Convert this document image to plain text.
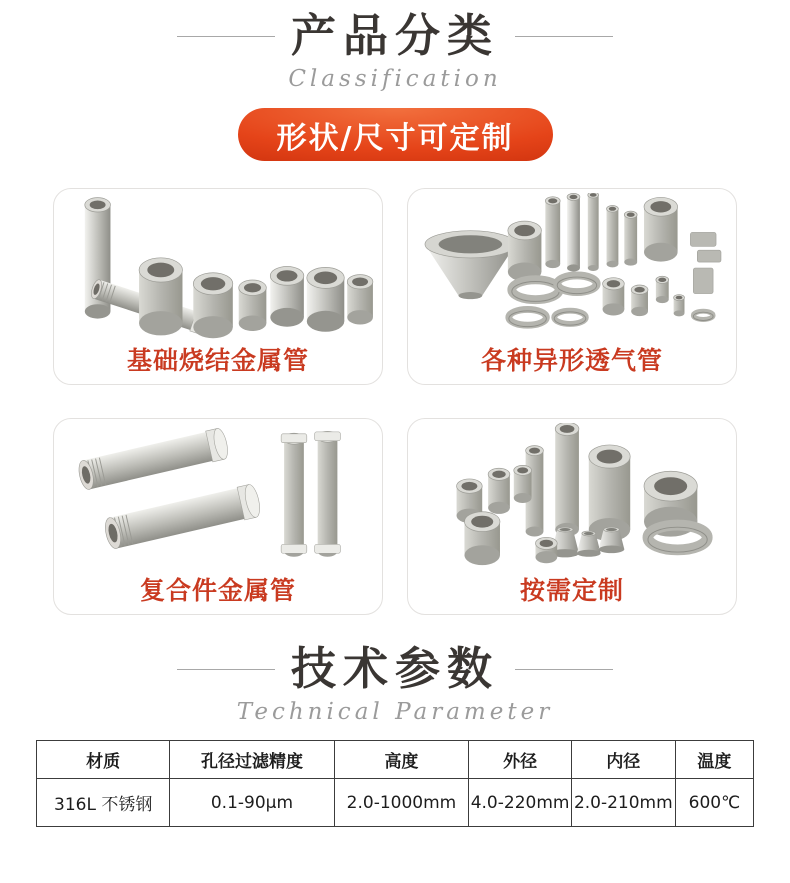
产品分类
Classification
形状/尺寸可定制
基础烧结金属管	各种异形透气管
复合件金属管	按需定制
技术参数
Technical Parameter
材质	孔径过滤精度	高度	外径	内径	温度
316L 不锈钢	0.1-90μm	2.0-1000mm	4.0-220mm	2.0-210mm	600℃
